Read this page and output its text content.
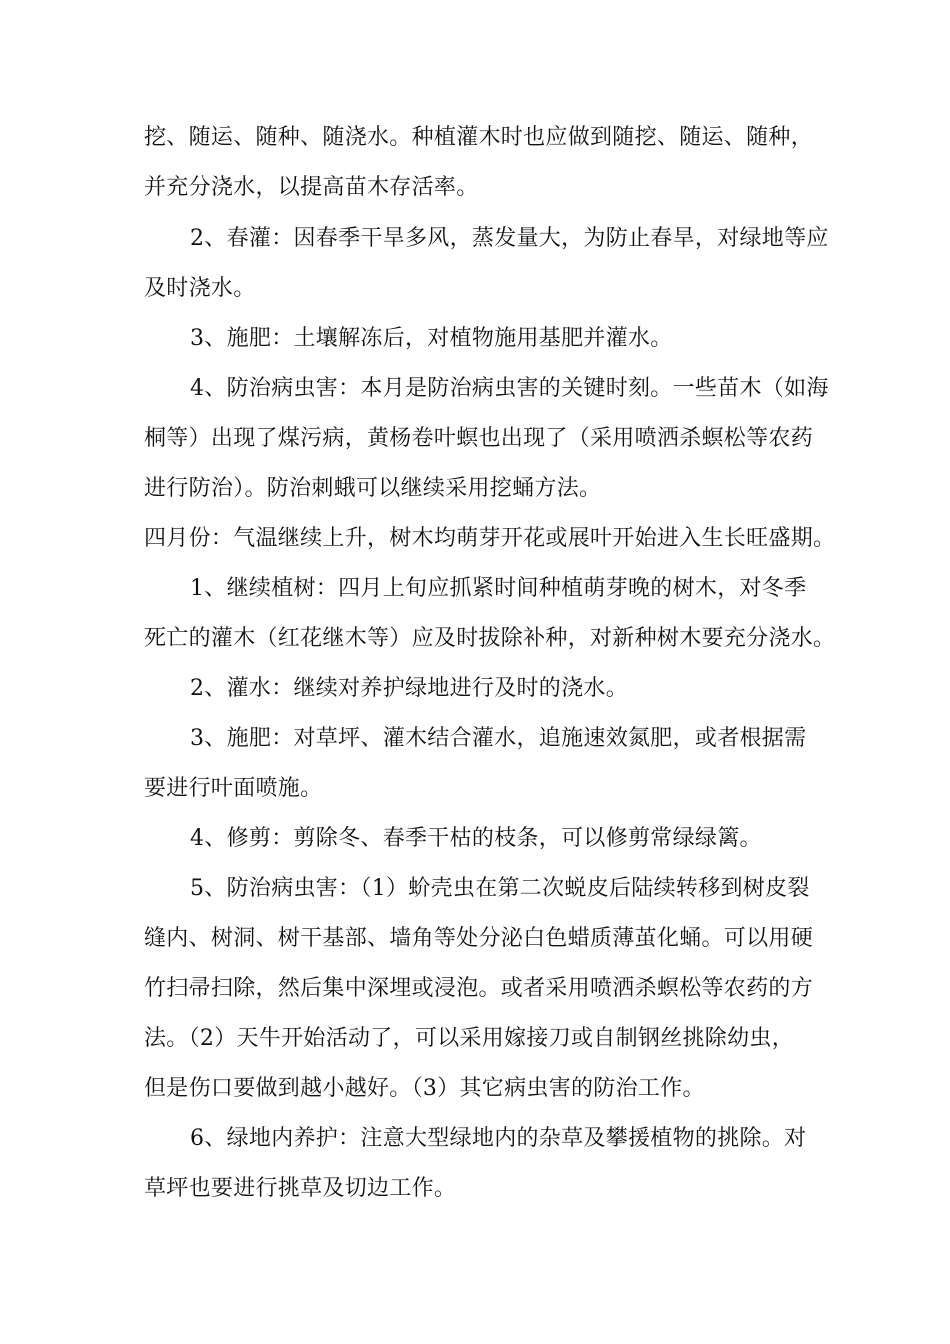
挖、随运、随种、随浇水。种植灌木时也应做到随挖、随运、随种，
并充分浇水，以提高苗木存活率。
2、春灌：因春季干旱多风，蒸发量大，为防止春旱，对绿地等应
及时浇水。
3、施肥：土壤解冻后，对植物施用基肥并灌水。
4、防治病虫害：本月是防治病虫害的关键时刻。一些苗木（如海
桐等）出现了煤污病，黄杨卷叶螟也出现了（采用喷洒杀螟松等农药
进行防治）。防治刺蛾可以继续采用挖蛹方法。
四月份：气温继续上升，树木均萌芽开花或展叶开始进入生长旺盛期。
1、继续植树：四月上旬应抓紧时间种植萌芽晚的树木，对冬季
死亡的灌木（红花继木等）应及时拔除补种，对新种树木要充分浇水。
2、灌水：继续对养护绿地进行及时的浇水。
3、施肥：对草坪、灌木结合灌水，追施速效氮肥，或者根据需
要进行叶面喷施。
4、修剪：剪除冬、春季干枯的枝条，可以修剪常绿绿篱。
5、防治病虫害：（1）蚧壳虫在第二次蜕皮后陆续转移到树皮裂
缝内、树洞、树干基部、墙角等处分泌白色蜡质薄茧化蛹。可以用硬
竹扫帚扫除，然后集中深埋或浸泡。或者采用喷洒杀螟松等农药的方
法。（2）天牛开始活动了，可以采用嫁接刀或自制钢丝挑除幼虫，
但是伤口要做到越小越好。（3）其它病虫害的防治工作。
6、绿地内养护：注意大型绿地内的杂草及攀援植物的挑除。对
草坪也要进行挑草及切边工作。
